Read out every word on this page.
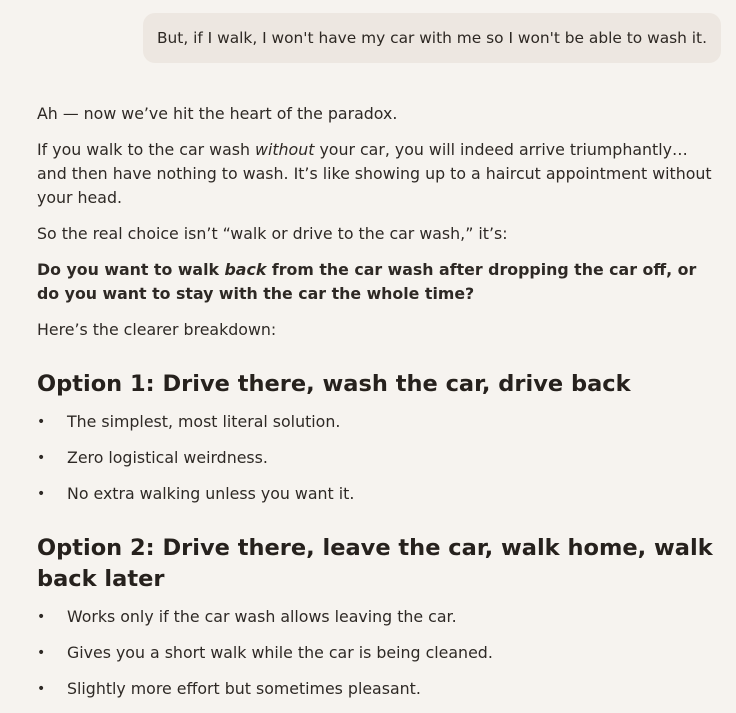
But, if I walk, I won't have my car with me so I won't be able to wash it.

Ah — now we’ve hit the heart of the paradox.

If you walk to the car wash without your car, you will indeed arrive triumphantly… and then have nothing to wash. It’s like showing up to a haircut appointment without your head.

So the real choice isn’t “walk or drive to the car wash,” it’s:

Do you want to walk back from the car wash after dropping the car off, or do you want to stay with the car the whole time?

Here’s the clearer breakdown:

Option 1: Drive there, wash the car, drive back
• The simplest, most literal solution.
• Zero logistical weirdness.
• No extra walking unless you want it.
Option 2: Drive there, leave the car, walk home, walk back later
• Works only if the car wash allows leaving the car.
• Gives you a short walk while the car is being cleaned.
• Slightly more effort but sometimes pleasant.
